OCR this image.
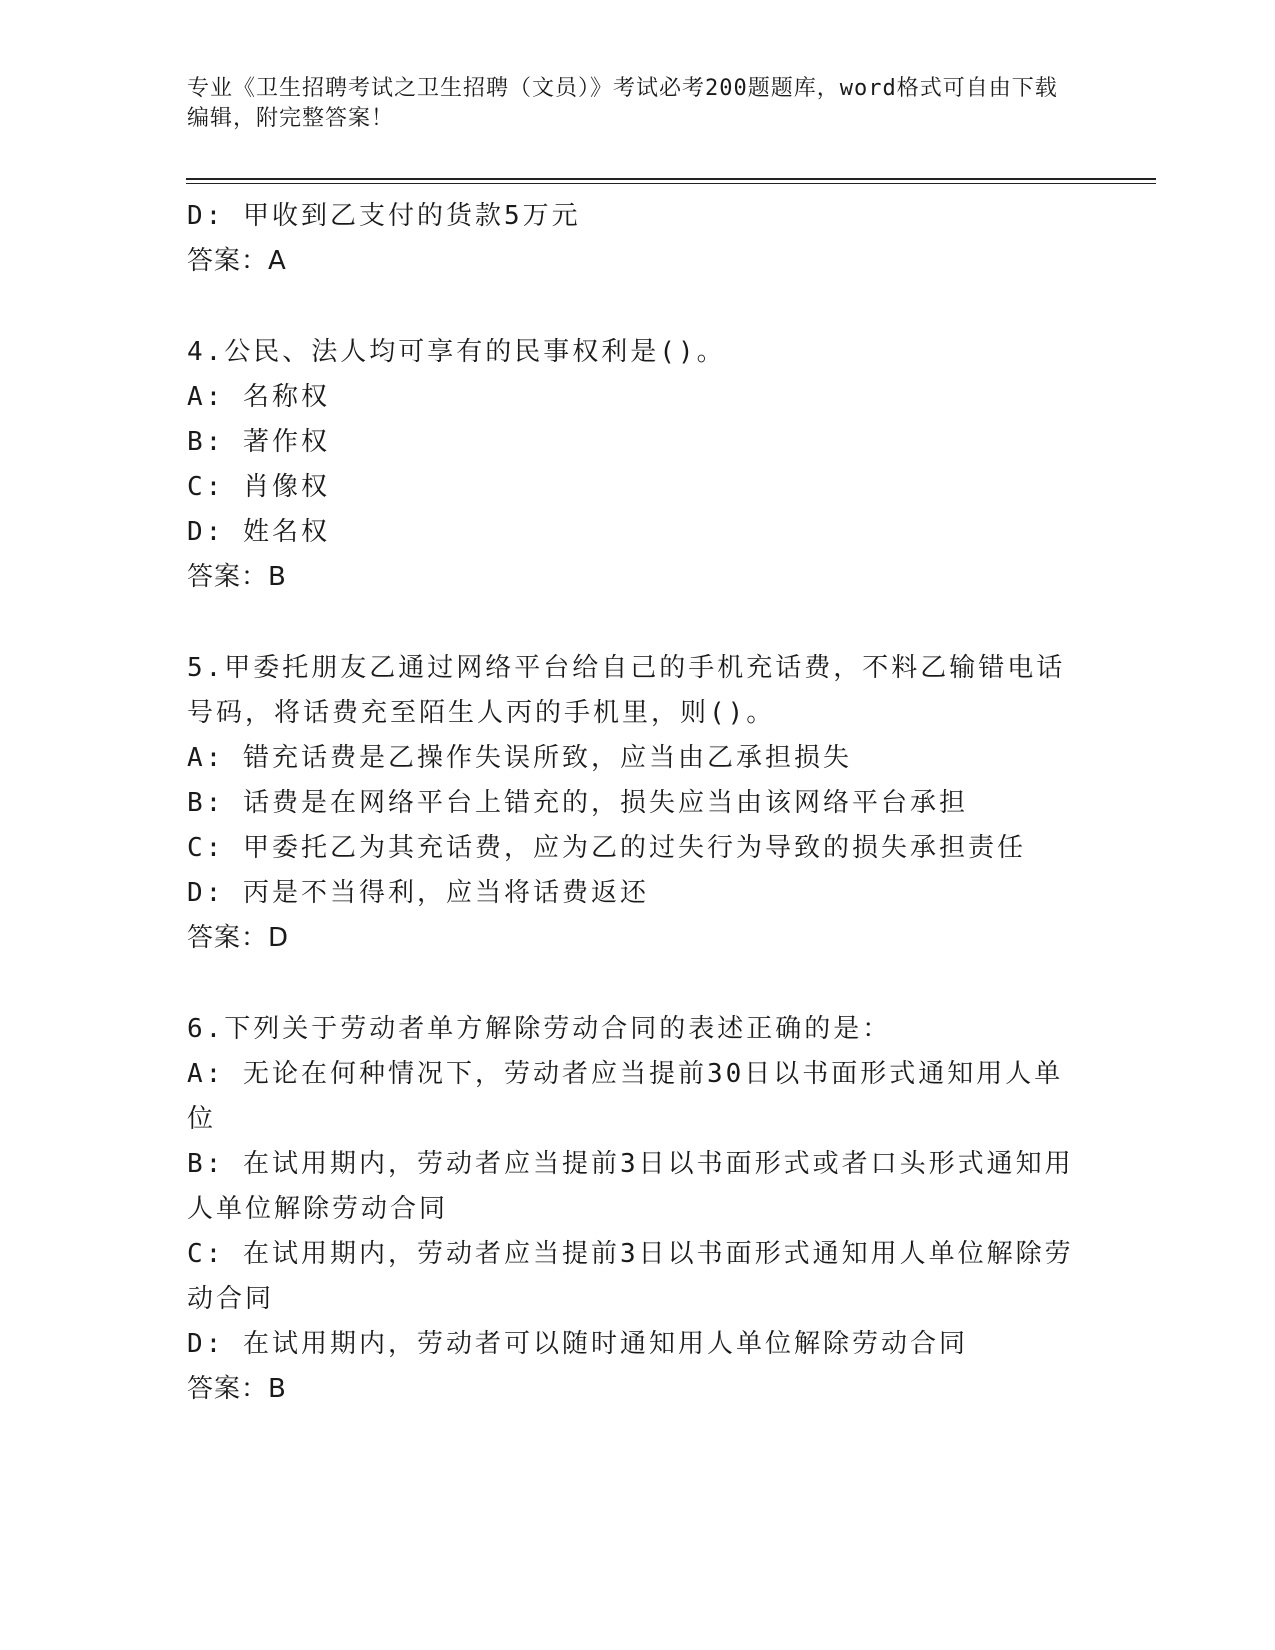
专业《卫生招聘考试之卫生招聘（文员）》考试必考200题题库，word格式可自由下载编辑，附完整答案！
D: 甲收到乙支付的货款5万元
答案：A
4.公民、法人均可享有的民事权利是()。
A: 名称权
B: 著作权
C: 肖像权
D: 姓名权
答案：B
5.甲委托朋友乙通过网络平台给自己的手机充话费，不料乙输错电话号码，将话费充至陌生人丙的手机里，则()。
A: 错充话费是乙操作失误所致，应当由乙承担损失
B: 话费是在网络平台上错充的，损失应当由该网络平台承担
C: 甲委托乙为其充话费，应为乙的过失行为导致的损失承担责任
D: 丙是不当得利，应当将话费返还
答案：D
6.下列关于劳动者单方解除劳动合同的表述正确的是：
A: 无论在何种情况下，劳动者应当提前30日以书面形式通知用人单位
B: 在试用期内，劳动者应当提前3日以书面形式或者口头形式通知用人单位解除劳动合同
C: 在试用期内，劳动者应当提前3日以书面形式通知用人单位解除劳动合同
D: 在试用期内，劳动者可以随时通知用人单位解除劳动合同
答案：B
